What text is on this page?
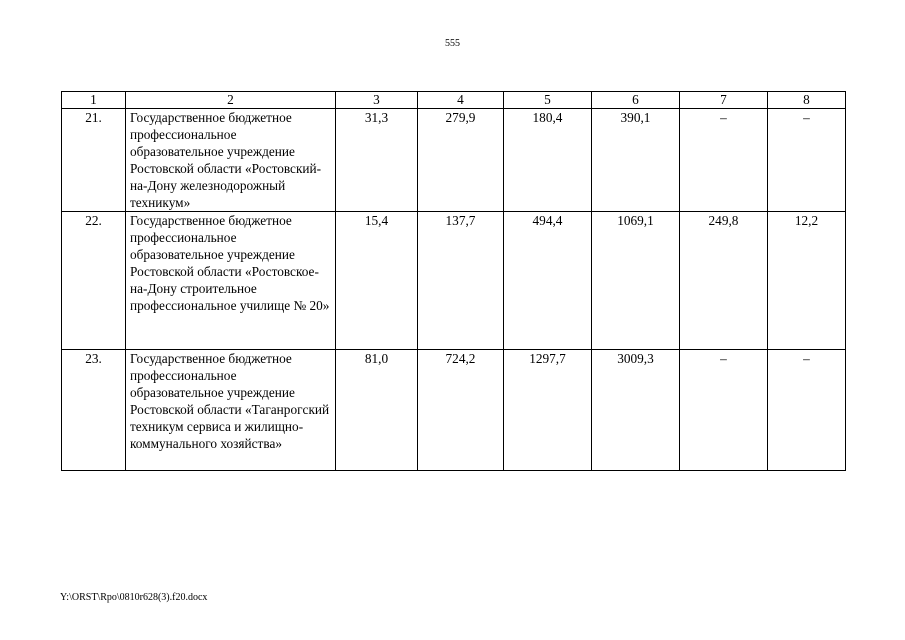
555
1	2	3	4	5	6	7	8
21.	Государственное бюджетное профессиональное образовательное учреждение Ростовской области «Ростовский-на-Дону железнодорожный техникум»	31,3	279,9	180,4	390,1	–	–
22.	Государственное бюджетное профессиональное образовательное учреждение Ростовской области «Ростовское-на-Дону строительное профессиональное училище № 20»	15,4	137,7	494,4	1069,1	249,8	12,2
23.	Государственное бюджетное профессиональное образовательное учреждение Ростовской области «Таганрогский техникум сервиса и жилищно-коммунального хозяйства»	81,0	724,2	1297,7	3009,3	–	–
Y:\ORST\Rpo\0810r628(3).f20.docx
